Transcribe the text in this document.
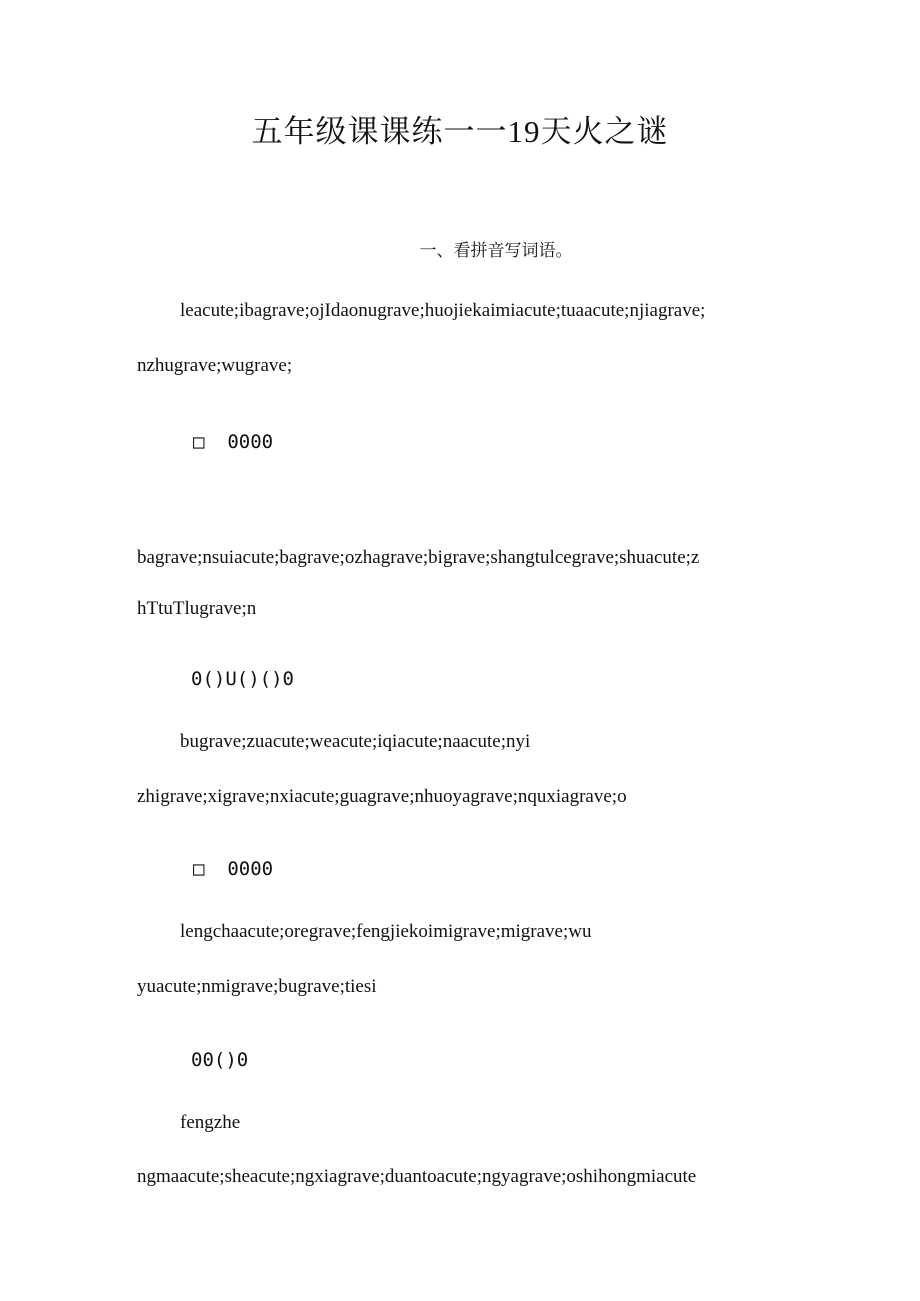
五年级课课练一一19天火之谜
一、看拼音写词语。
leacute;ibagrave;ojIdaonugrave;huojiekaimiacute;tuaacute;njiagrave;
nzhugrave;wugrave;
□  0000
bagrave;nsuiacute;bagrave;ozhagrave;bigrave;shangtulcegrave;shuacute;z
hTtuTlugrave;n
0()U()()0
bugrave;zuacute;weacute;iqiacute;naacute;nyi
zhigrave;xigrave;nxiacute;guagrave;nhuoyagrave;nquxiagrave;o
□  0000
lengchaacute;oregrave;fengjiekoimigrave;migrave;wu
yuacute;nmigrave;bugrave;tiesi
00()0
fengzhe
ngmaacute;sheacute;ngxiagrave;duantoacute;ngyagrave;oshihongmiacute
